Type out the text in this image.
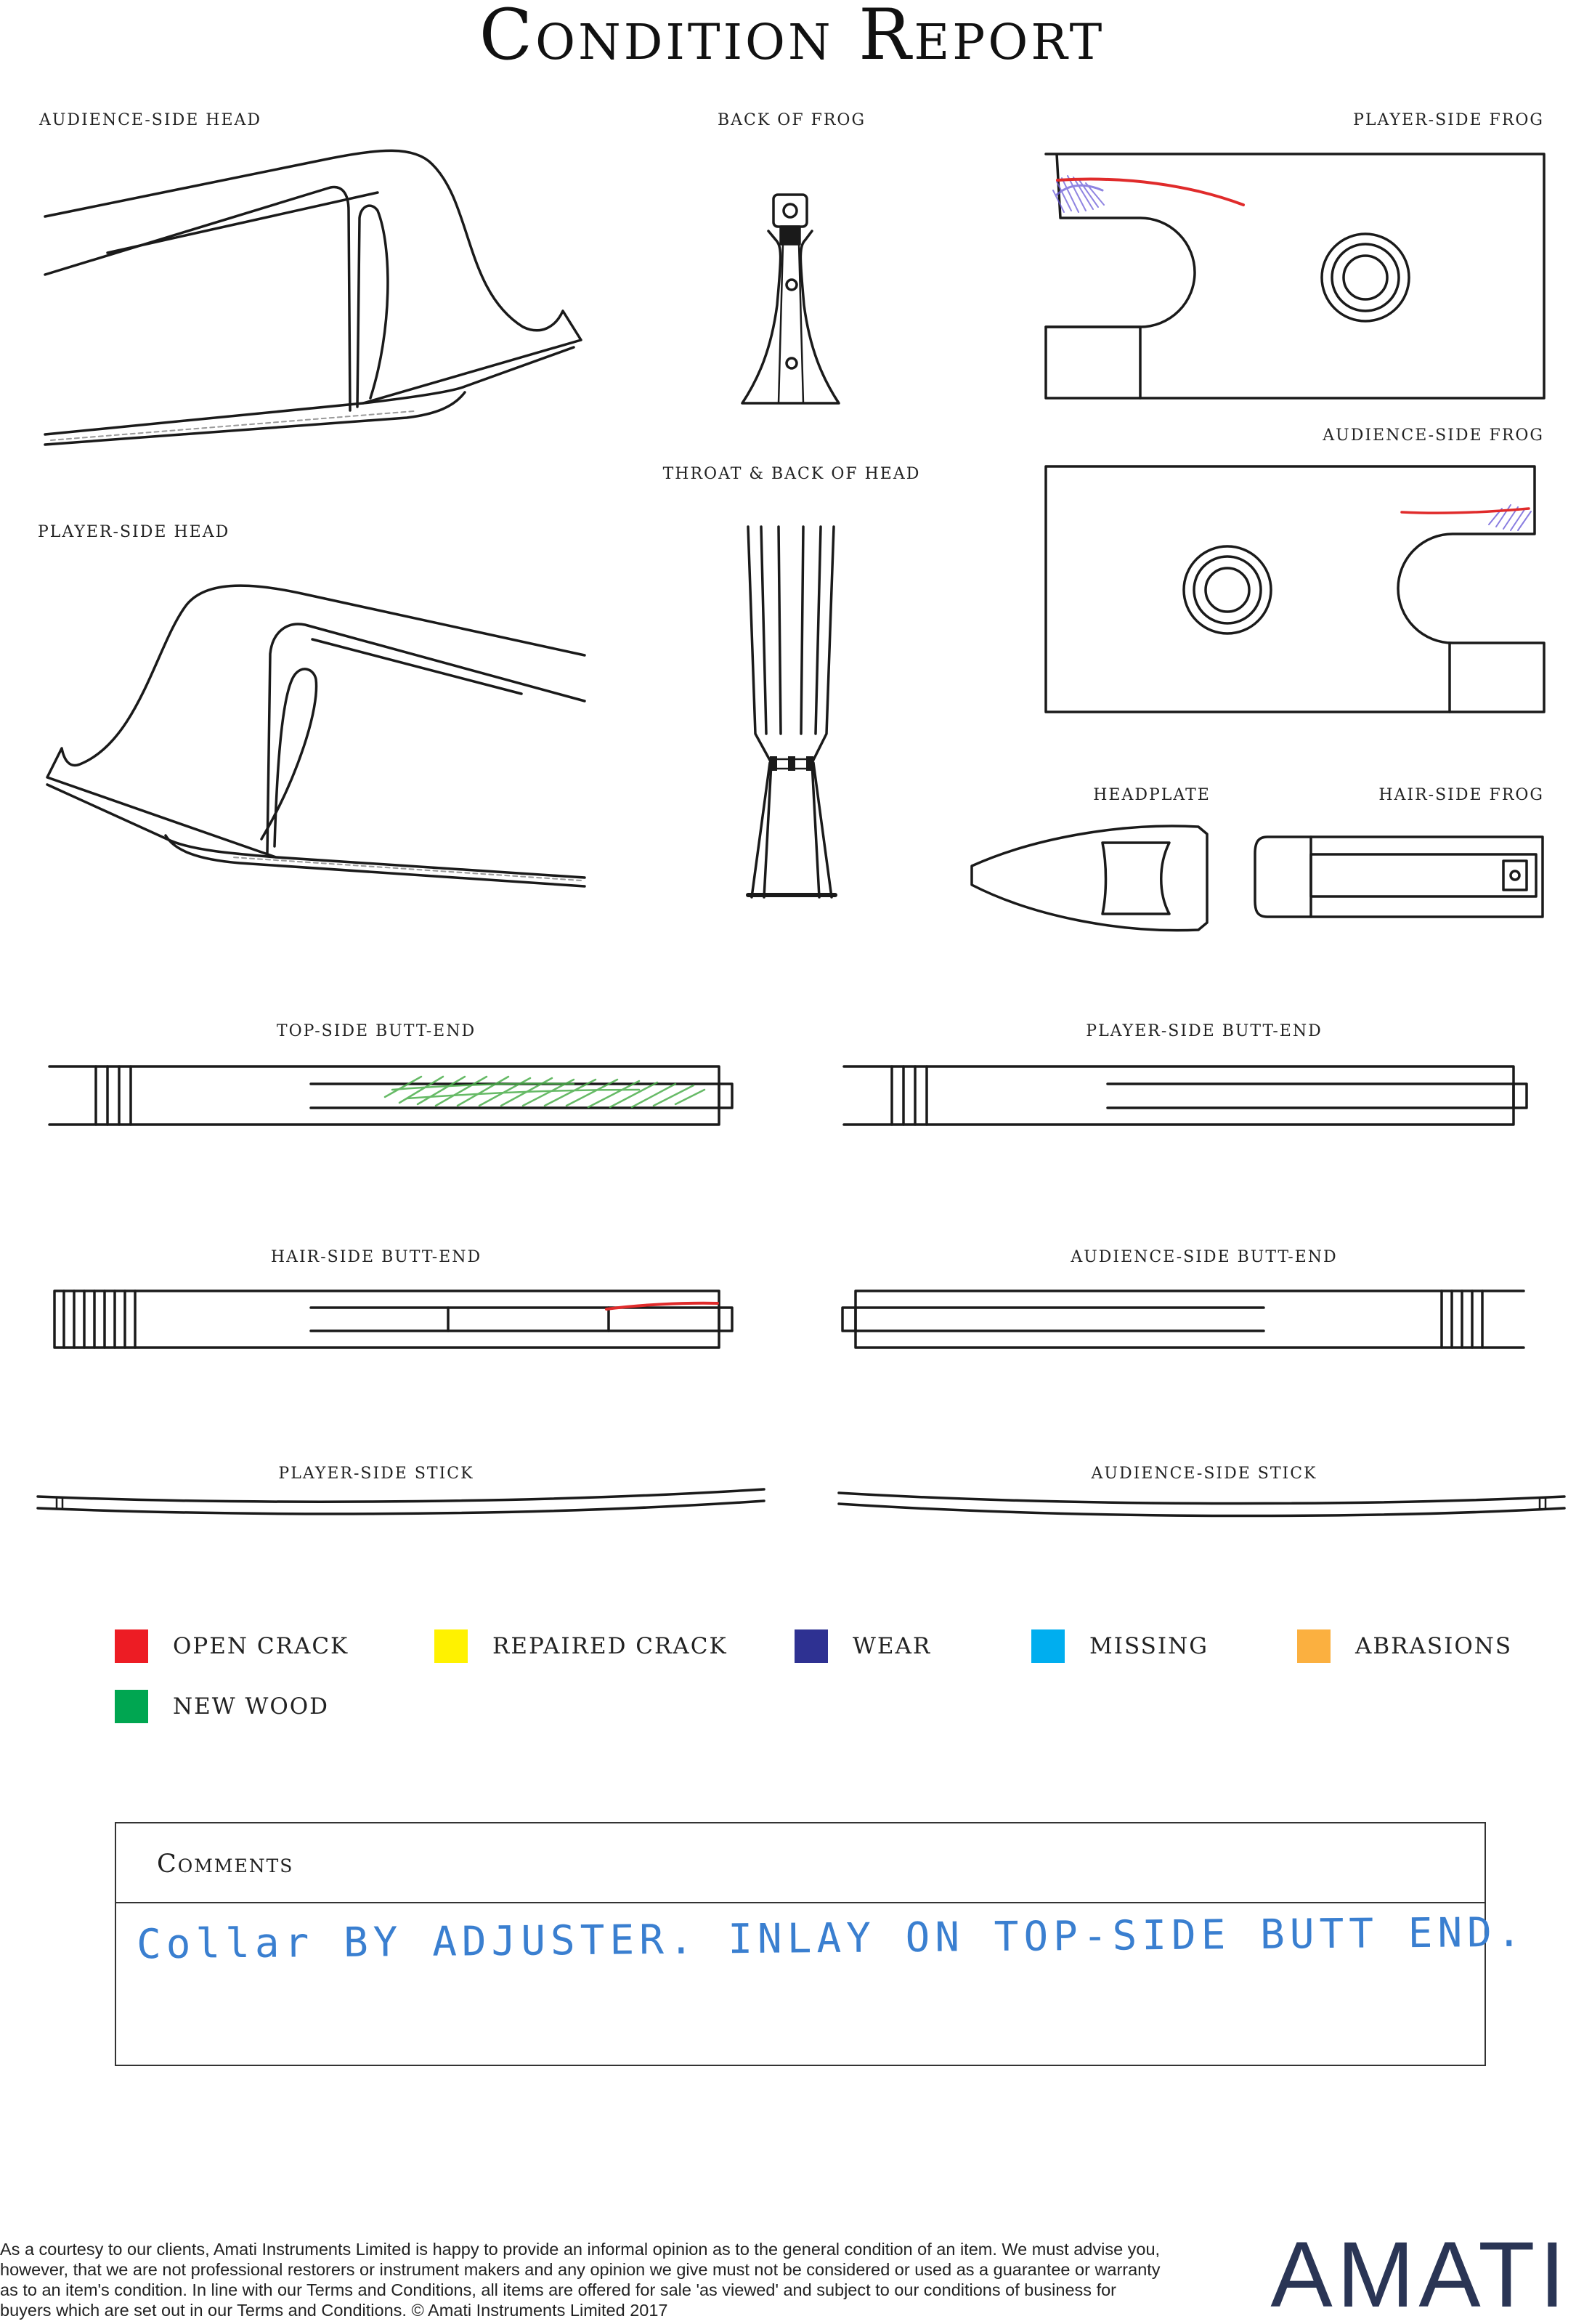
Condition Report
AUDIENCE-SIDE HEAD	BACK OF FROG	PLAYER-SIDE FROG
AUDIENCE-SIDE FROG
THROAT & BACK OF HEAD
PLAYER-SIDE HEAD
HEADPLATE	HAIR-SIDE FROG
TOP-SIDE BUTT-END	PLAYER-SIDE BUTT-END
HAIR-SIDE BUTT-END	AUDIENCE-SIDE BUTT-END
PLAYER-SIDE STICK	AUDIENCE-SIDE STICK
OPEN CRACK	REPAIRED CRACK	WEAR	MISSING	ABRASIONS
NEW WOOD
Comments
Collar BY ADJUSTER. INLAY ON TOP-SIDE BUTT END.
As a courtesy to our clients, Amati Instruments Limited is happy to provide an informal opinion as to the general condition of an item. We must advise you, however, that we are not professional restorers or instrument makers and any opinion we give must not be considered or used as a guarantee or warranty as to an item's condition. In line with our Terms and Conditions, all items are offered for sale 'as viewed' and subject to our conditions of business for buyers which are set out in our Terms and Conditions. © Amati Instruments Limited 2017	AMATI
